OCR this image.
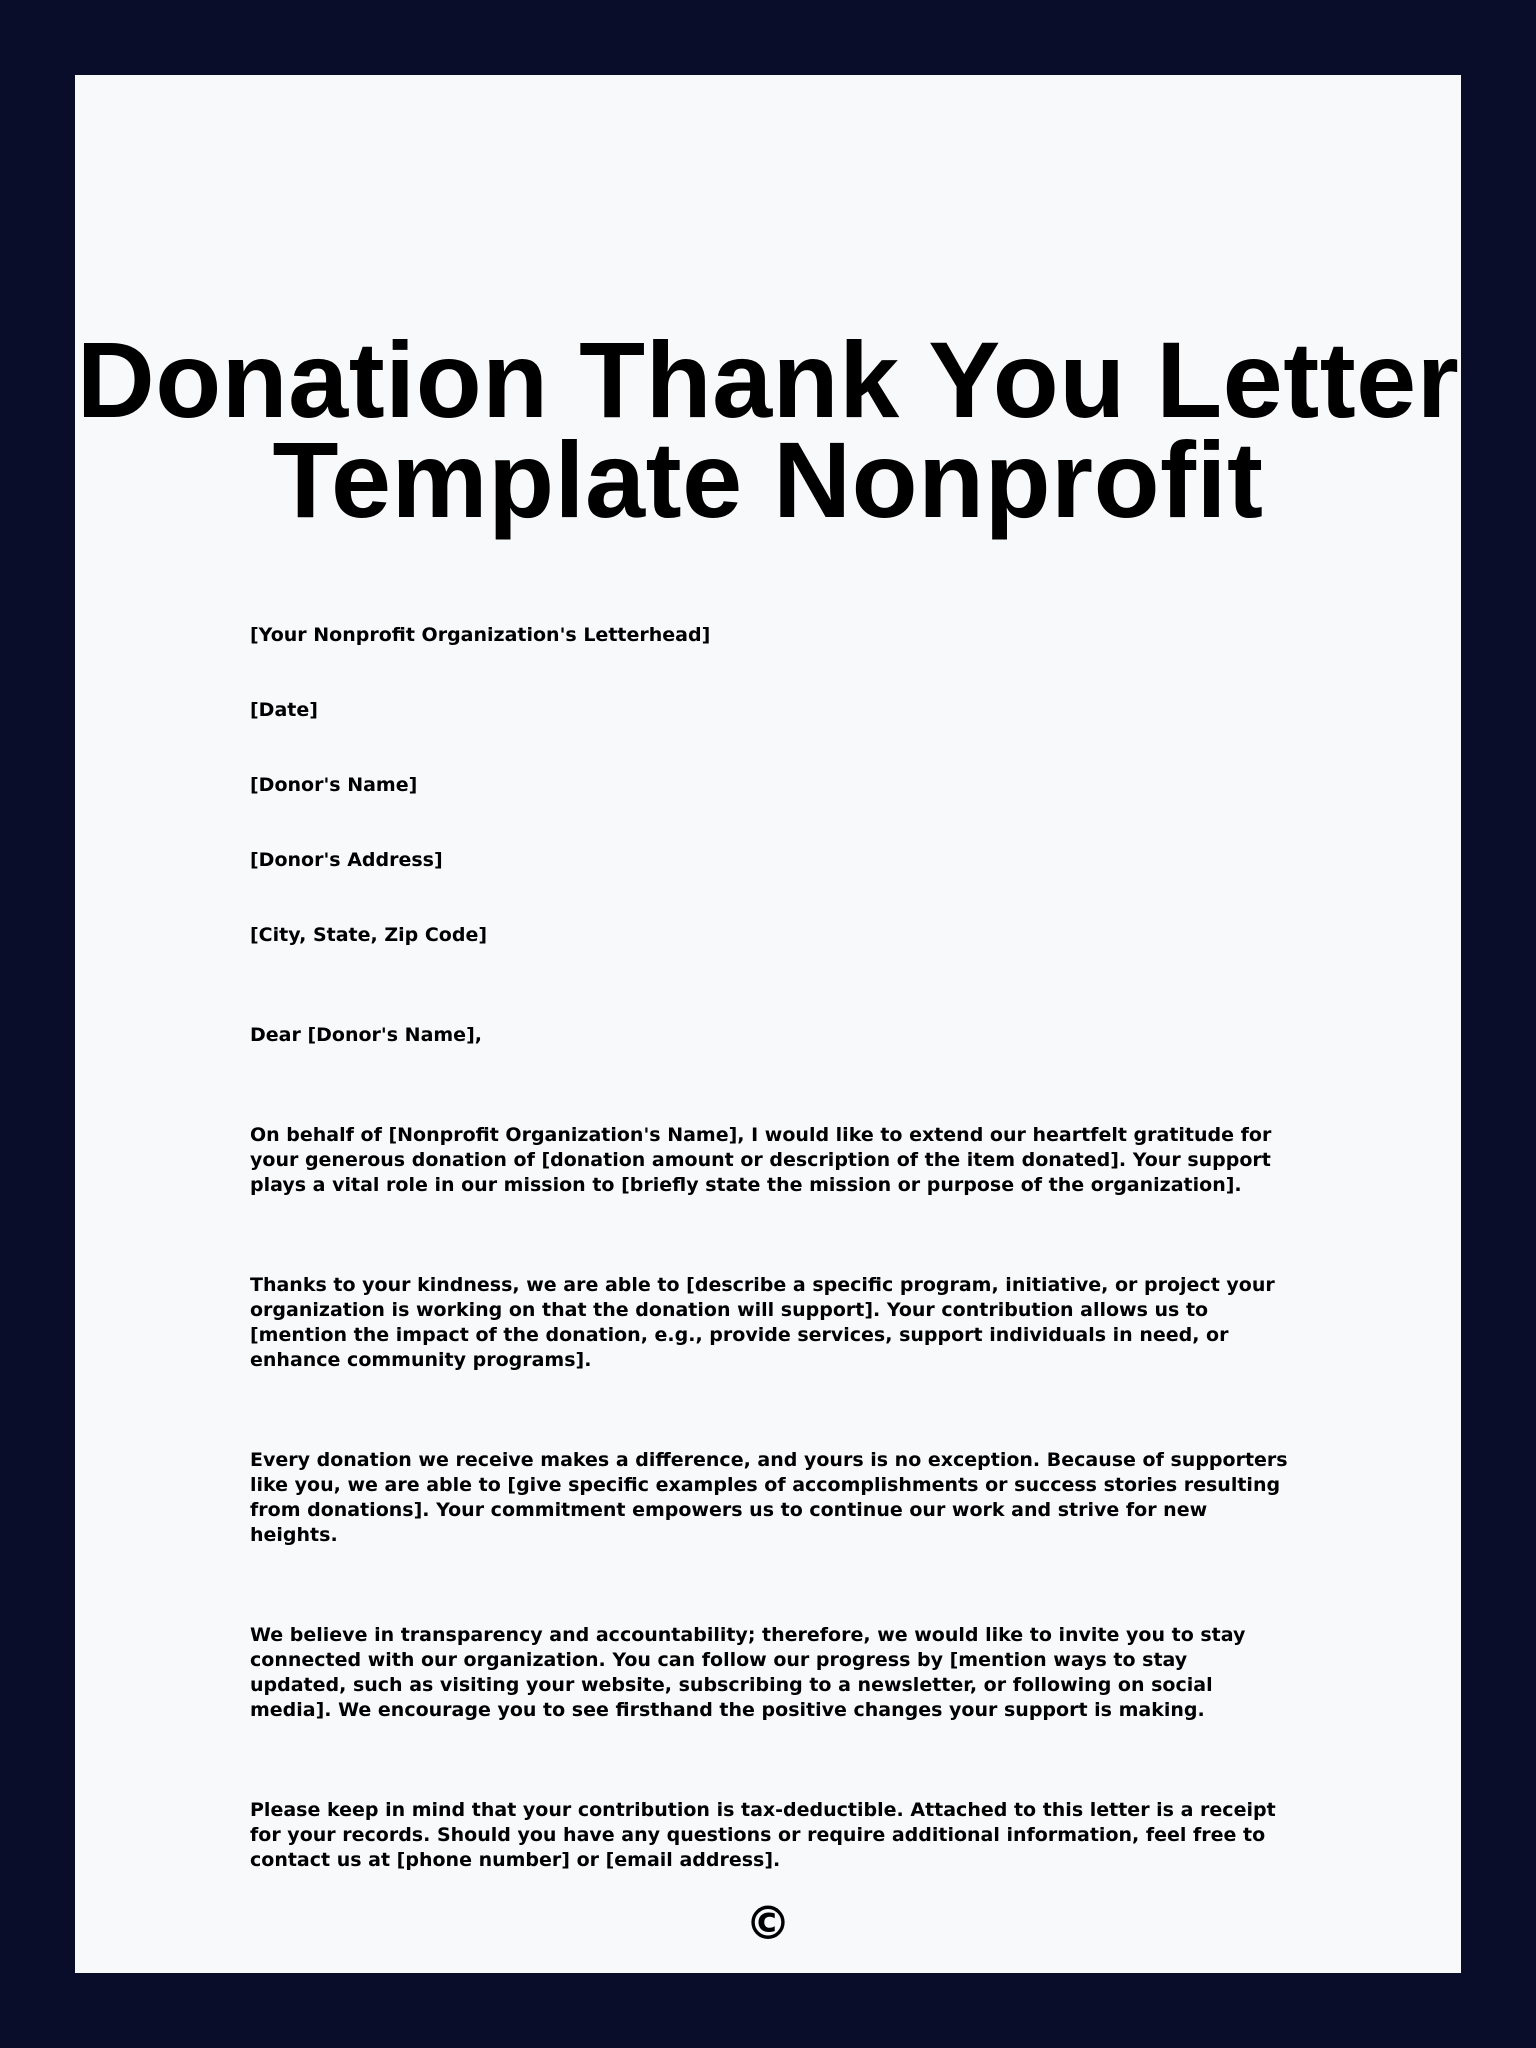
Donation Thank You Letter
Template Nonprofit

[Your Nonprofit Organization's Letterhead]

[Date]

[Donor's Name]

[Donor's Address]

[City, State, Zip Code]

Dear [Donor's Name],

On behalf of [Nonprofit Organization's Name], I would like to extend our heartfelt gratitude for your generous donation of [donation amount or description of the item donated]. Your support plays a vital role in our mission to [briefly state the mission or purpose of the organization].

Thanks to your kindness, we are able to [describe a specific program, initiative, or project your organization is working on that the donation will support]. Your contribution allows us to [mention the impact of the donation, e.g., provide services, support individuals in need, or enhance community programs].

Every donation we receive makes a difference, and yours is no exception. Because of supporters like you, we are able to [give specific examples of accomplishments or success stories resulting from donations]. Your commitment empowers us to continue our work and strive for new heights.

We believe in transparency and accountability; therefore, we would like to invite you to stay connected with our organization. You can follow our progress by [mention ways to stay updated, such as visiting your website, subscribing to a newsletter, or following on social media]. We encourage you to see firsthand the positive changes your support is making.

Please keep in mind that your contribution is tax-deductible. Attached to this letter is a receipt for your records. Should you have any questions or require additional information, feel free to contact us at [phone number] or [email address].

©
